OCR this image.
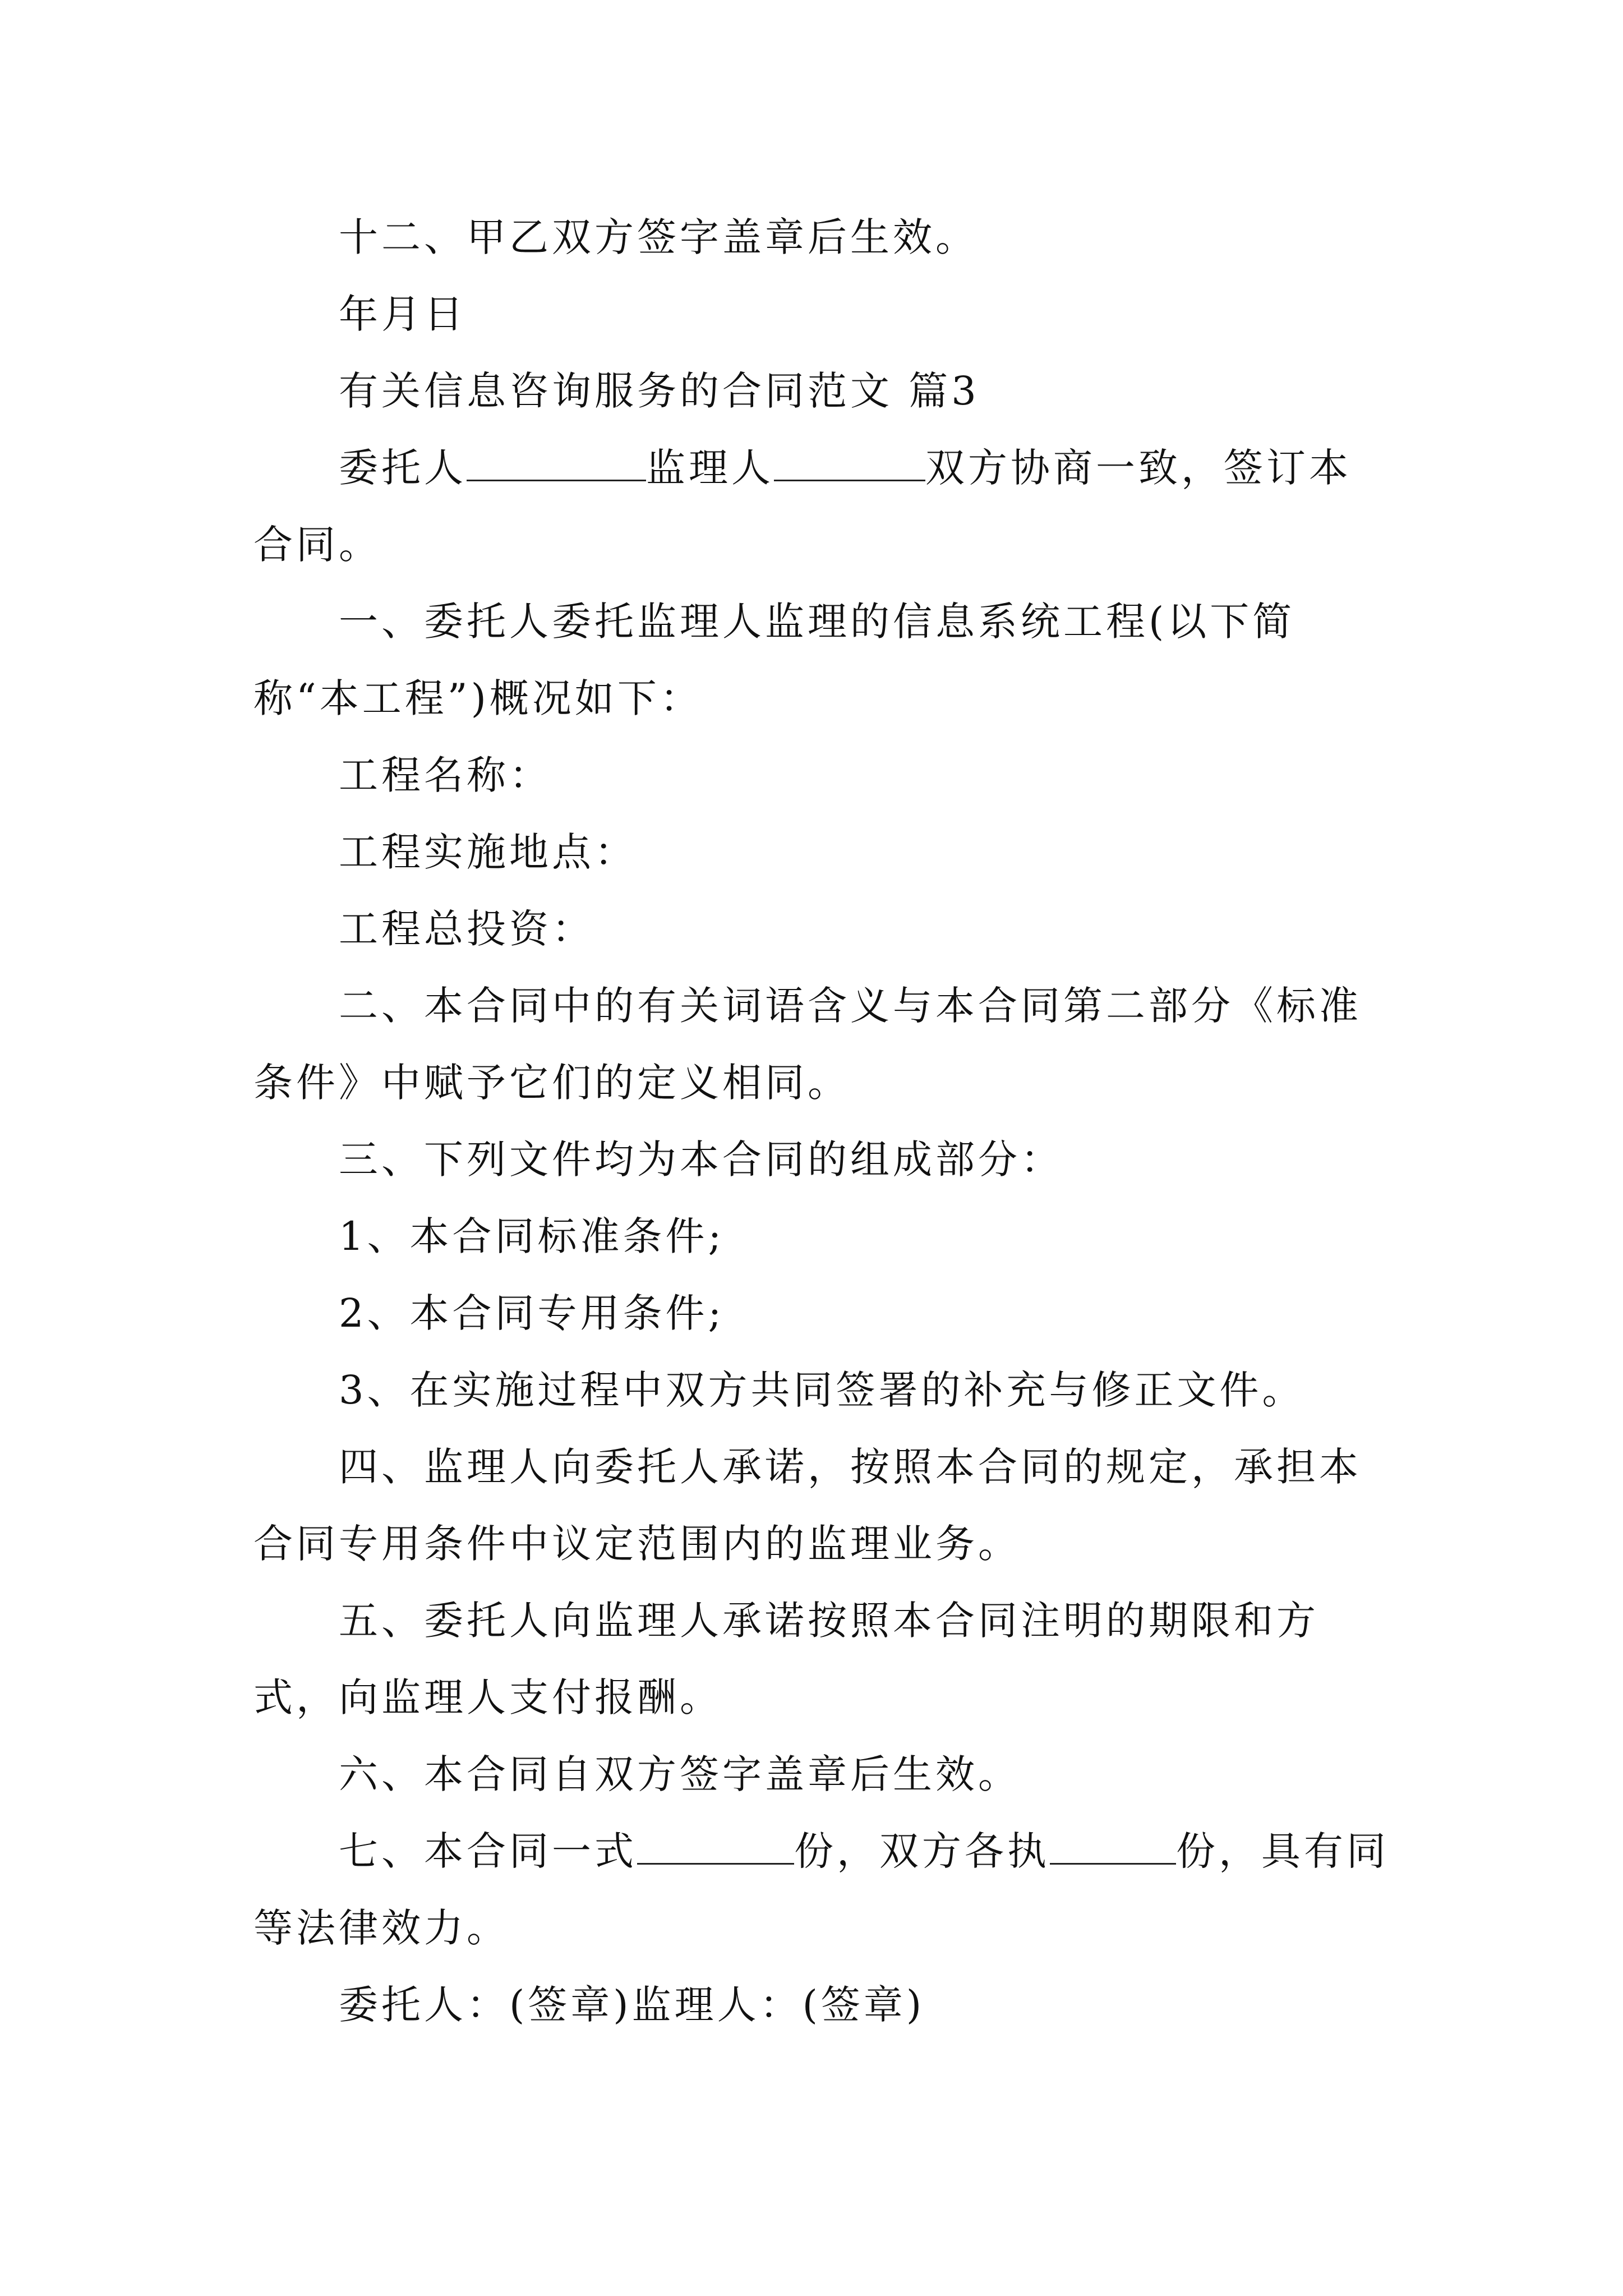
十二、甲乙双方签字盖章后生效。

年月日

有关信息咨询服务的合同范文 篇3

委托人	监理人	双方协商一致，签订本合同。

一、委托人委托监理人监理的信息系统工程(以下简称“本工程”)概况如下：

工程名称：

工程实施地点：

工程总投资：

二、本合同中的有关词语含义与本合同第二部分《标准条件》中赋予它们的定义相同。

三、下列文件均为本合同的组成部分：

1、本合同标准条件;

2、本合同专用条件;

3、在实施过程中双方共同签署的补充与修正文件。

四、监理人向委托人承诺，按照本合同的规定，承担本合同专用条件中议定范围内的监理业务。

五、委托人向监理人承诺按照本合同注明的期限和方式，向监理人支付报酬。

六、本合同自双方签字盖章后生效。

七、本合同一式	份，双方各执	份，具有同等法律效力。

委托人：(签章)监理人：(签章)
